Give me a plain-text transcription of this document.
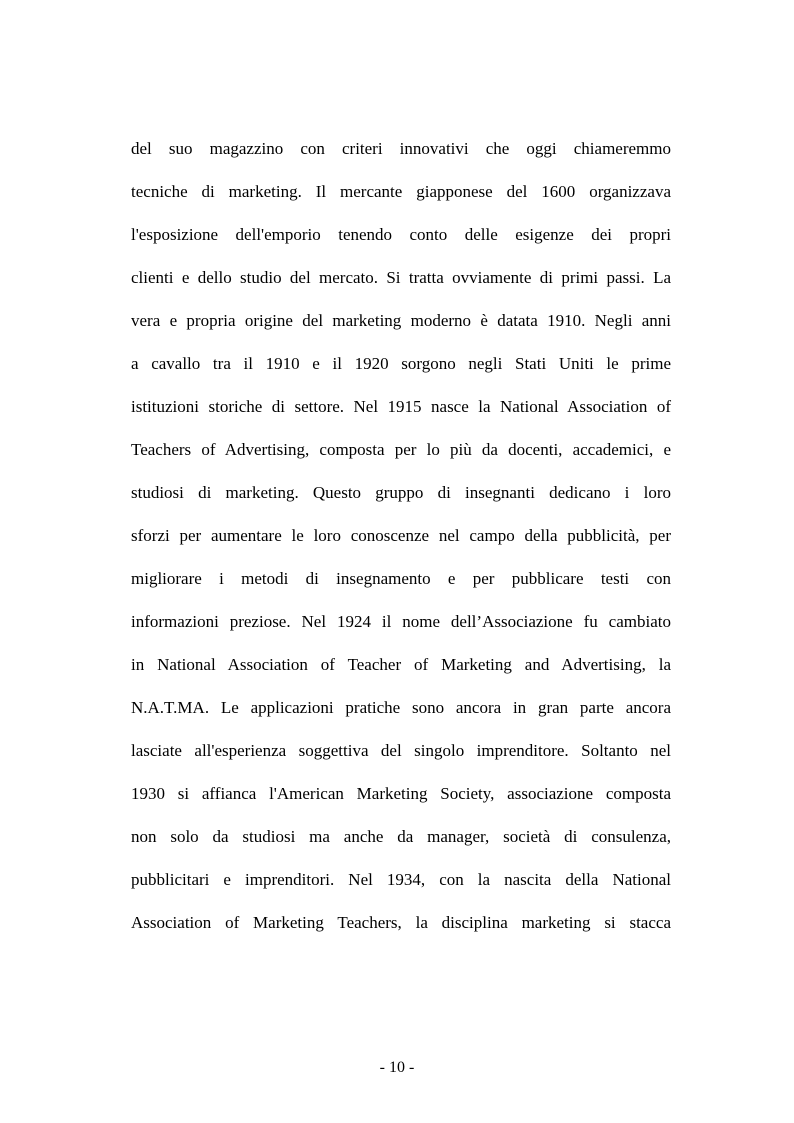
del suo magazzino con criteri innovativi che oggi chiameremmo
tecniche di marketing. Il mercante giapponese del 1600 organizzava
l'esposizione dell'emporio tenendo conto delle esigenze dei propri
clienti e dello studio del mercato. Si tratta ovviamente di primi passi. La
vera e propria origine del marketing moderno è datata 1910. Negli anni
a cavallo tra il 1910 e il 1920 sorgono negli Stati Uniti le prime
istituzioni storiche di settore. Nel 1915 nasce la National Association of
Teachers of Advertising, composta per lo più da docenti, accademici, e
studiosi di marketing. Questo gruppo di insegnanti dedicano i loro
sforzi per aumentare le loro conoscenze nel campo della pubblicità, per
migliorare i metodi di insegnamento e per pubblicare testi con
informazioni preziose. Nel 1924 il nome dell’Associazione fu cambiato
in National Association of Teacher of Marketing and Advertising, la
N.A.T.MA. Le applicazioni pratiche sono ancora in gran parte ancora
lasciate all'esperienza soggettiva del singolo imprenditore. Soltanto nel
1930 si affianca l'American Marketing Society, associazione composta
non solo da studiosi ma anche da manager, società di consulenza,
pubblicitari e imprenditori. Nel 1934, con la nascita della National
Association of Marketing Teachers, la disciplina marketing si stacca
- 10 -
